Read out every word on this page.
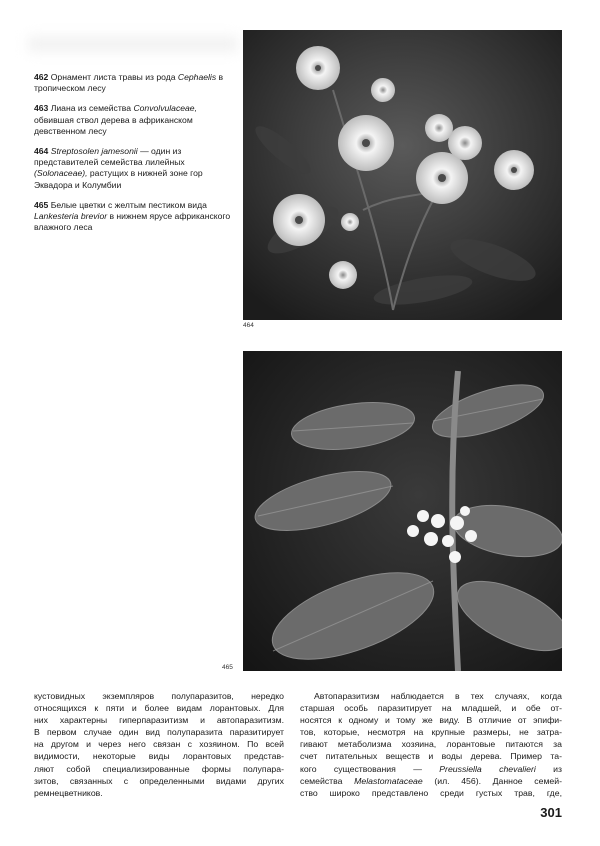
462 Орнамент листа травы из рода Cephaelis в тропическом лесу

463 Лиана из семейства Convolvulaceae, обвившая ствол дерева в африканском девственном лесу

464 Streptosolen jamesonii — один из представителей семейства лилейных (Solonaceae), растущих в нижней зоне гор Эквадора и Колумбии

465 Белые цветки с желтым пестиком вида Lankesteria brevior в нижнем ярусе африканского влажного леса

464
465
кустовидных экземпляров полупаразитов, нередко
относящихся к пяти и более видам лорантовых. Для
них характерны гиперпаразитизм и автопаразитизм.
В первом случае один вид полупаразита паразитирует
на другом и через него связан с хозяином. По всей
видимости, некоторые виды лорантовых представ-
ляют собой специализированные формы полупара-
зитов, связанных с определенными видами других
ремнецветников.
Автопаразитизм наблюдается в тех случаях, когда
старшая особь паразитирует на младшей, и обе от-
носятся к одному и тому же виду. В отличие от эпифи-
тов, которые, несмотря на крупные размеры, не затра-
гивают метаболизма хозяина, лорантовые питаются за
счет питательных веществ и воды дерева. Пример та-
кого существования — Preussiella chevalieri из
семейства Melastomataceae (ил. 456). Данное семей-
ство широко представлено среди густых трав, где,
301
